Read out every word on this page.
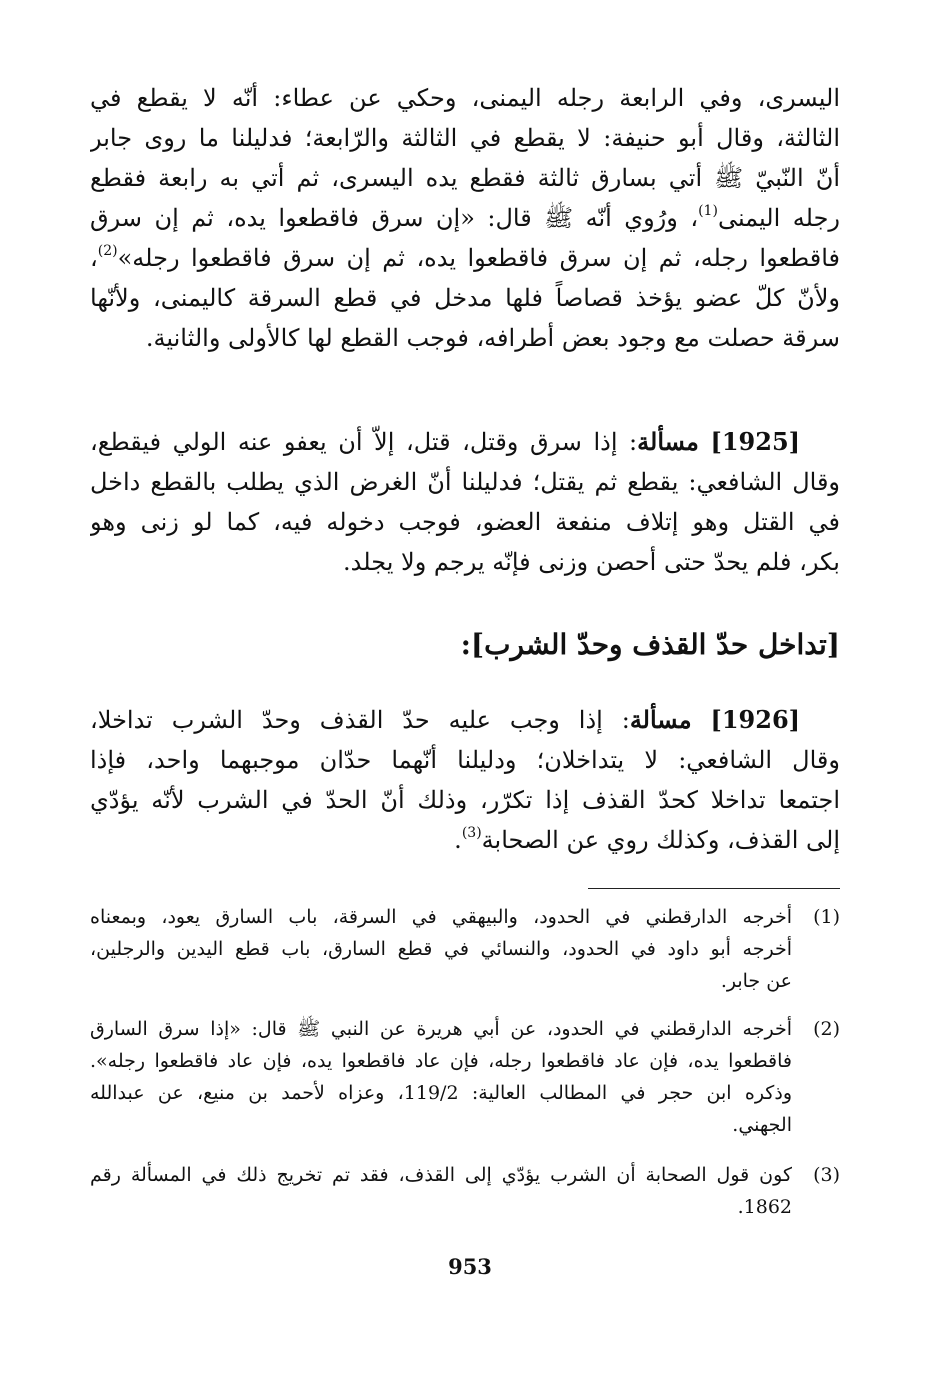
اليسرى، وفي الرابعة رجله اليمنى، وحكي عن عطاء: أنّه لا يقطع في
الثالثة، وقال أبو حنيفة: لا يقطع في الثالثة والرّابعة؛ فدليلنا ما روى جابر
أنّ النّبيّ ﷺ أتي بسارق ثالثة فقطع يده اليسرى، ثم أتي به رابعة فقطع
رجله اليمنى$^{(1)}$، ورُوي أنّه ﷺ قال: «إن سرق فاقطعوا يده، ثم إن سرق
فاقطعوا رجله، ثم إن سرق فاقطعوا يده، ثم إن سرق فاقطعوا رجله»$^{(2)}$،
ولأنّ كلّ عضو يؤخذ قصاصاً فلها مدخل في قطع السرقة كاليمنى، ولأنّها
سرقة حصلت مع وجود بعض أطرافه، فوجب القطع لها كالأولى والثانية.
[1925] مسألة: إذا سرق وقتل، قتل، إلاّ أن يعفو عنه الولي فيقطع،
وقال الشافعي: يقطع ثم يقتل؛ فدليلنا أنّ الغرض الذي يطلب بالقطع داخل
في القتل وهو إتلاف منفعة العضو، فوجب دخوله فيه، كما لو زنى وهو
بكر، فلم يحدّ حتى أحصن وزنى فإنّه يرجم ولا يجلد.
[تداخل حدّ القذف وحدّ الشرب]:
[1926] مسألة: إذا وجب عليه حدّ القذف وحدّ الشرب تداخلا،
وقال الشافعي: لا يتداخلان؛ ودليلنا أنّهما حدّان موجبهما واحد، فإذا
اجتمعا تداخلا كحدّ القذف إذا تكرّر، وذلك أنّ الحدّ في الشرب لأنّه يؤدّي
إلى القذف، وكذلك روي عن الصحابة$^{(3)}$.
(1)
أخرجه الدارقطني في الحدود، والبيهقي في السرقة، باب السارق يعود، وبمعناه
أخرجه أبو داود في الحدود، والنسائي في قطع السارق، باب قطع اليدين والرجلين،
عن جابر.
(2)
أخرجه الدارقطني في الحدود، عن أبي هريرة عن النبي ﷺ قال: «إذا سرق السارق
فاقطعوا يده، فإن عاد فاقطعوا رجله، فإن عاد فاقطعوا يده، فإن عاد فاقطعوا رجله».
وذكره ابن حجر في المطالب العالية: 119/2، وعزاه لأحمد بن منيع، عن عبدالله
الجهني.
(3)
كون قول الصحابة أن الشرب يؤدّي إلى القذف، فقد تم تخريج ذلك في المسألة رقم
1862.
953
